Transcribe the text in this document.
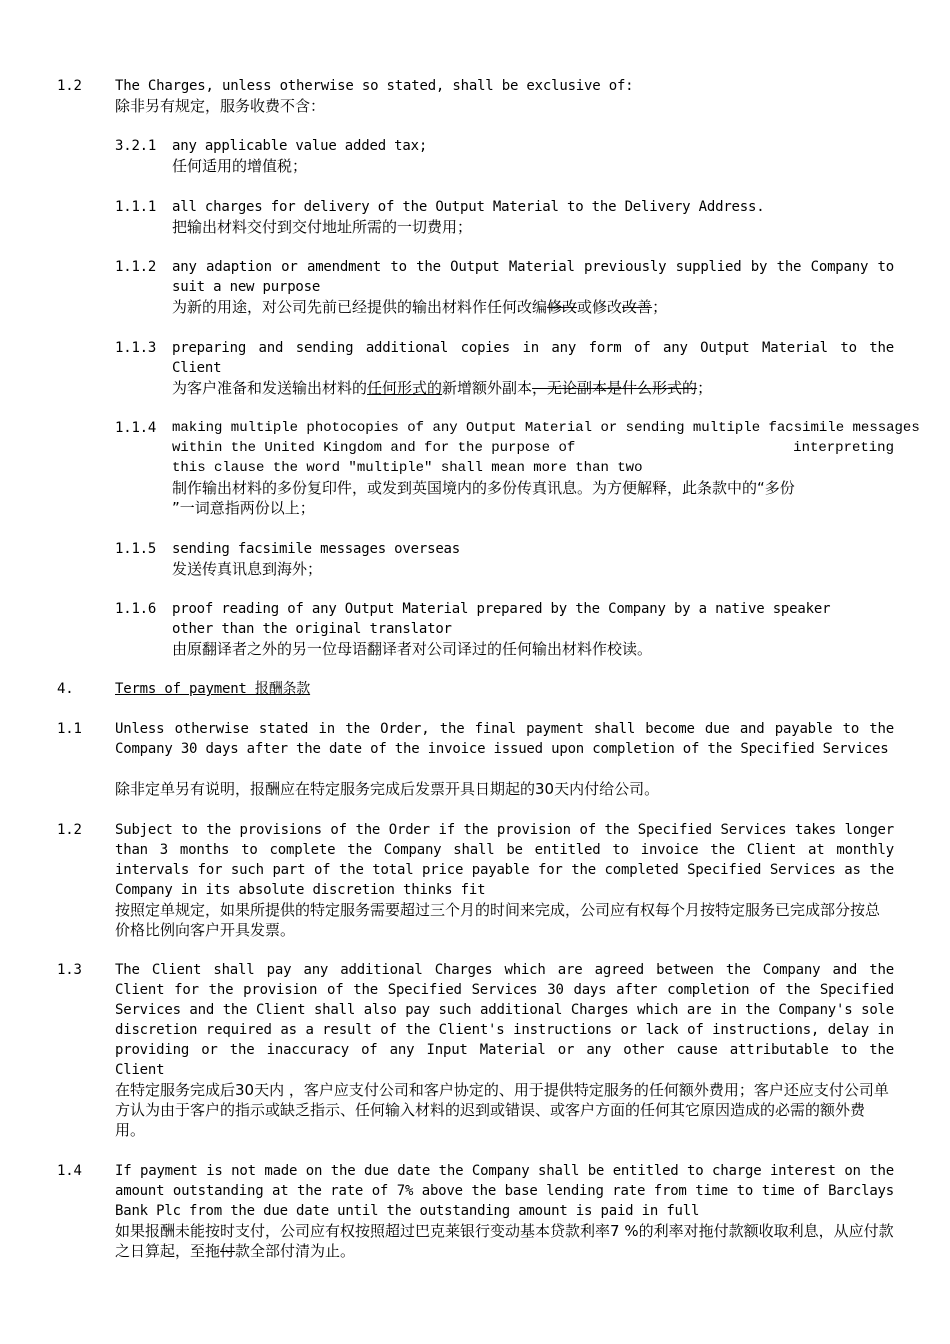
1.2 The Charges, unless otherwise so stated, shall be exclusive of:
除非另有规定，服务收费不含：
3.2.1 any applicable value added tax;
任何适用的增值税；
1.1.1 all charges for delivery of the Output Material to the Delivery Address.
把输出材料交付到交付地址所需的一切费用；
1.1.2 any adaption or amendment to the Output Material previously supplied by the Company to suit a new purpose
为新的用途，对公司先前已经提供的输出材料作任何改编修改或修改改善；
1.1.3 preparing and sending additional copies in any form of any Output Material to the Client
为客户准备和发送输出材料的任何形式的新增额外副本，无论副本是什么形式的；
1.1.4 making multiple photocopies of any Output Material or sending multiple facsimile messages
within the United Kingdom and for the purpose of	interpreting
this clause the word "multiple" shall mean more than two
制作输出材料的多份复印件，或发到英国境内的多份传真讯息。为方便解释，此条款中的“多份
”一词意指两份以上；
1.1.5 sending facsimile messages overseas
发送传真讯息到海外；
1.1.6 proof reading of any Output Material prepared by the Company by a native speaker other than the original translator
由原翻译者之外的另一位母语翻译者对公司译过的任何输出材料作校读。
4.	Terms of payment 报酬条款
1.1 Unless otherwise stated in the Order, the final payment shall become due and payable to the Company 30 days after the date of the invoice issued upon completion of the Specified Services
除非定单另有说明，报酬应在特定服务完成后发票开具日期起的30天内付给公司。
1.2 Subject to the provisions of the Order if the provision of the Specified Services takes longer than 3 months to complete the Company shall be entitled to invoice the Client at monthly intervals for such part of the total price payable for the completed Specified Services as the Company in its absolute discretion thinks fit
按照定单规定，如果所提供的特定服务需要超过三个月的时间来完成，公司应有权每个月按特定服务已完成部分按总价格比例向客户开具发票。
1.3 The Client shall pay any additional Charges which are agreed between the Company and the Client for the provision of the Specified Services 30 days after completion of the Specified Services and the Client shall also pay such additional Charges which are in the Company's sole discretion required as a result of the Client's instructions or lack of instructions, delay in providing or the inaccuracy of any Input Material or any other cause attributable to the Client
在特定服务完成后30天内 ，客户应支付公司和客户协定的、用于提供特定服务的任何额外费用；客户还应支付公司单方认为由于客户的指示或缺乏指示、任何输入材料的迟到或错误、或客户方面的任何其它原因造成的必需的额外费用。
1.4 If payment is not made on the due date the Company shall be entitled to charge interest on the amount outstanding at the rate of 7% above the base lending rate from time to time of Barclays Bank Plc from the due date until the outstanding amount is paid in full
如果报酬未能按时支付，公司应有权按照超过巴克莱银行变动基本贷款利率7 %的利率对拖付款额收取利息，从应付款之日算起，至拖付款全部付清为止。
